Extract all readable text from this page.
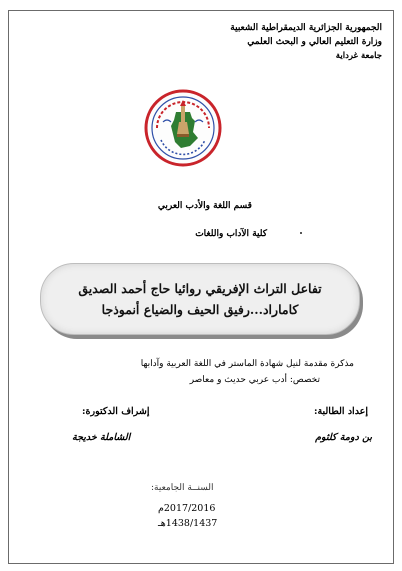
الجمهورية الجزائرية الديمقراطية الشعبية
وزارة التعليم العالي و البحث العلمي
جامعة غرداية
قسم اللغة والأدب العربي
كلية الآداب واللغات
تفاعل التراث الإفريقي روائيا حاج أحمد الصديق
كاماراد...رفيق الحيف والضياع أنموذجا
مذكرة مقدمة لنيل شهادة الماستر في اللغة العربية وآدابها
تخصص: أدب عربي حديث و معاصر
إعداد الطالبة:
إشراف الدكتورة:
بن دومة كلثوم
الشاملة خديجة
السنــة الجامعية:
2017/2016م
1438/1437هـ
